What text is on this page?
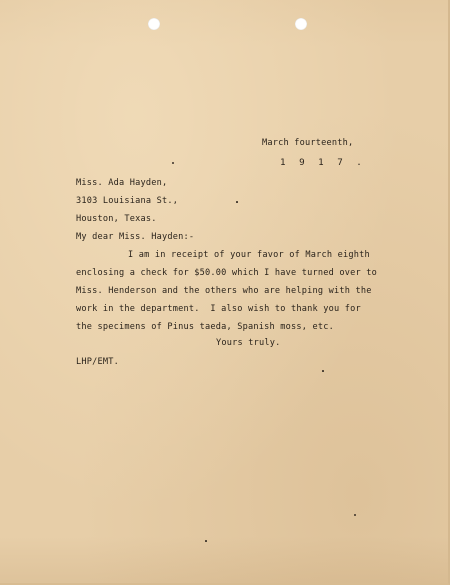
March fourteenth,
1 9 1 7 .
Miss. Ada Hayden,
3103 Louisiana St.,
Houston, Texas.
My dear Miss. Hayden:-
I am in receipt of your favor of March eighth
enclosing a check for $50.00 which I have turned over to
Miss. Henderson and the others who are helping with the
work in the department.  I also wish to thank you for
the specimens of Pinus taeda, Spanish moss, etc.
Yours truly.
LHP/EMT.
